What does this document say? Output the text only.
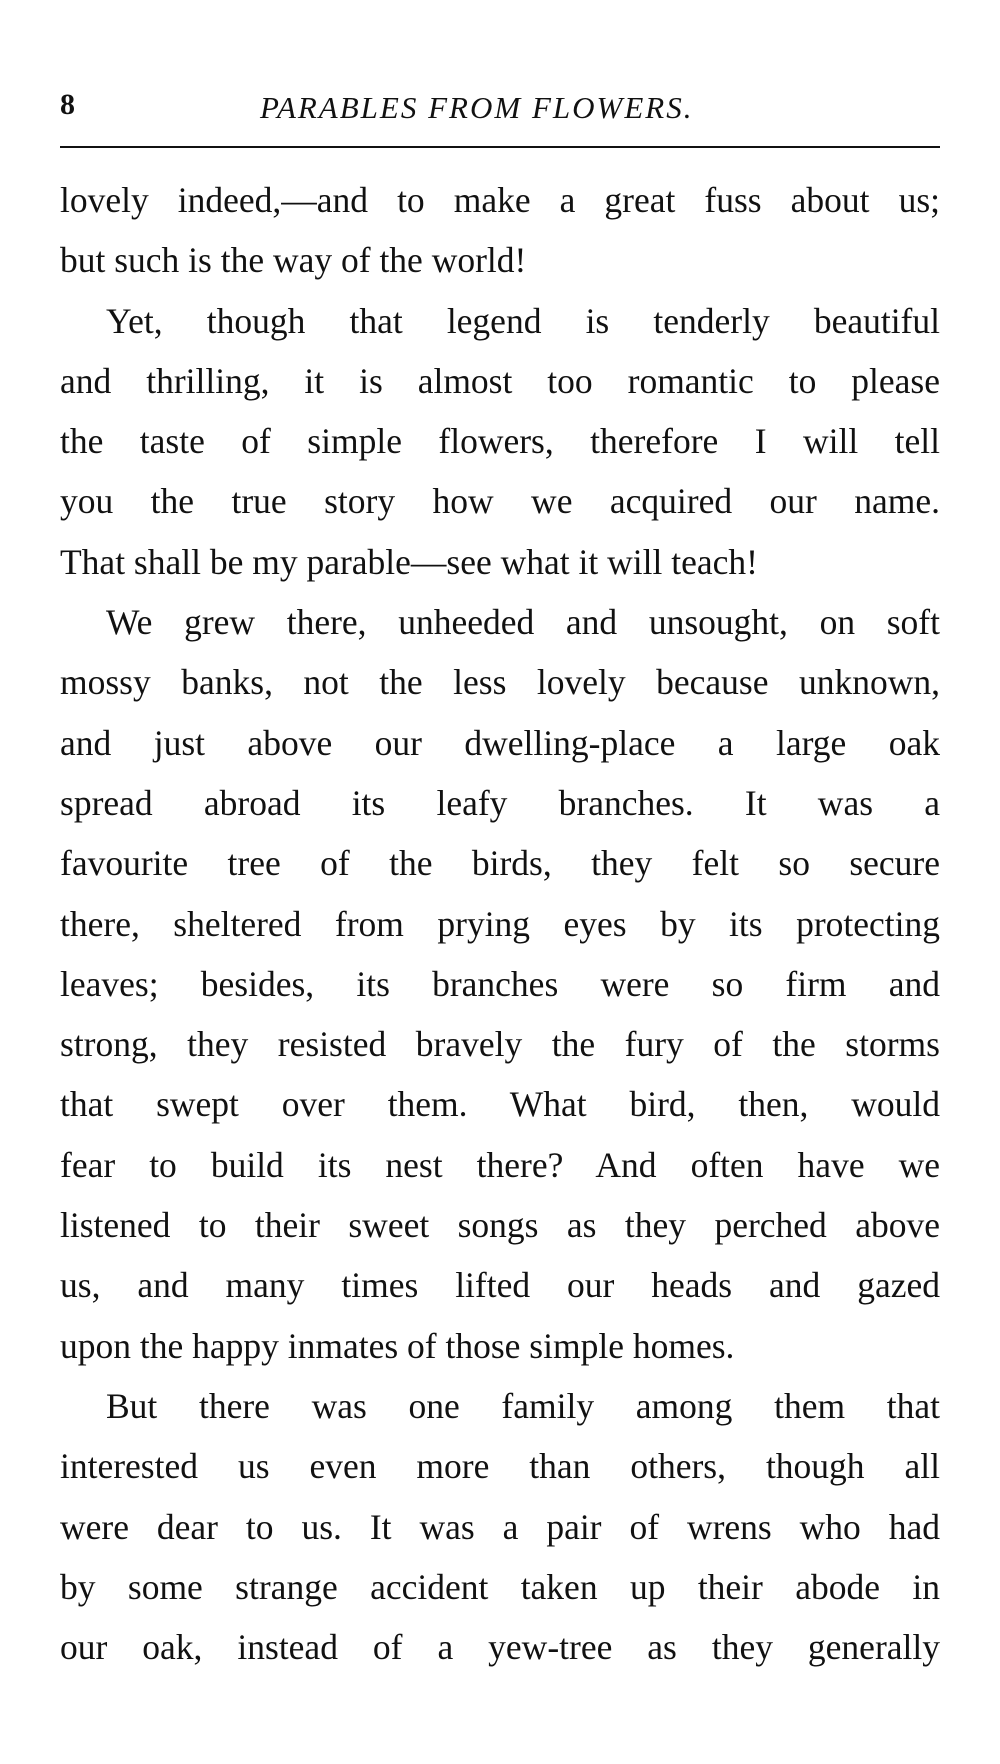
8	PARABLES FROM FLOWERS.
lovely indeed,—and to make a great fuss about us;
but such is the way of the world!
Yet, though that legend is tenderly beautiful
and thrilling, it is almost too romantic to please
the taste of simple flowers, therefore I will tell
you the true story how we acquired our name.
That shall be my parable—see what it will teach!
We grew there, unheeded and unsought, on soft
mossy banks, not the less lovely because unknown,
and just above our dwelling-place a large oak
spread abroad its leafy branches. It was a
favourite tree of the birds, they felt so secure
there, sheltered from prying eyes by its protecting
leaves; besides, its branches were so firm and
strong, they resisted bravely the fury of the storms
that swept over them. What bird, then, would
fear to build its nest there? And often have we
listened to their sweet songs as they perched above
us, and many times lifted our heads and gazed
upon the happy inmates of those simple homes.
But there was one family among them that
interested us even more than others, though all
were dear to us. It was a pair of wrens who had
by some strange accident taken up their abode in
our oak, instead of a yew-tree as they generally
